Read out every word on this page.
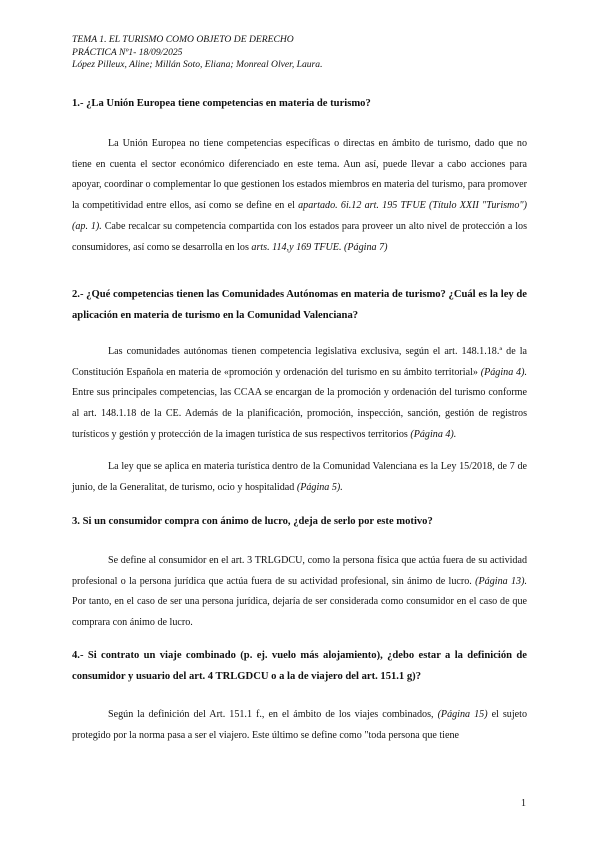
TEMA 1. EL TURISMO COMO OBJETO DE DERECHO
PRÁCTICA Nº1- 18/09/2025
López Pilleux, Aline; Millán Soto, Eliana; Monreal Olver, Laura.
1.- ¿La Unión Europea tiene competencias en materia de turismo?
La Unión Europea no tiene competencias específicas o directas en ámbito de turismo, dado que no tiene en cuenta el sector económico diferenciado en este tema. Aun así, puede llevar a cabo acciones para apoyar, coordinar o complementar lo que gestionen los estados miembros en materia del turismo, para promover la competitividad entre ellos, así como se define en el apartado. 6i.12 art. 195 TFUE (Título XXII "Turismo") (ap. 1). Cabe recalcar su competencia compartida con los estados para proveer un alto nivel de protección a los consumidores, así como se desarrolla en los arts. 114,y 169 TFUE. (Página 7)
2.- ¿Qué competencias tienen las Comunidades Autónomas en materia de turismo? ¿Cuál es la ley de aplicación en materia de turismo en la Comunidad Valenciana?
Las comunidades autónomas tienen competencia legislativa exclusiva, según el art. 148.1.18.ª de la Constitución Española en materia de «promoción y ordenación del turismo en su ámbito territorial» (Página 4). Entre sus principales competencias, las CCAA se encargan de la promoción y ordenación del turismo conforme al art. 148.1.18 de la CE. Además de la planificación, promoción, inspección, sanción, gestión de registros turísticos y gestión y protección de la imagen turística de sus respectivos territorios (Página 4).
La ley que se aplica en materia turística dentro de la Comunidad Valenciana es la Ley 15/2018, de 7 de junio, de la Generalitat, de turismo, ocio y hospitalidad (Página 5).
3. Si un consumidor compra con ánimo de lucro, ¿deja de serlo por este motivo?
Se define al consumidor en el art. 3 TRLGDCU, como la persona física que actúa fuera de su actividad profesional o la persona jurídica que actúa fuera de su actividad profesional, sin ánimo de lucro. (Página 13). Por tanto, en el caso de ser una persona jurídica, dejaría de ser considerada como consumidor en el caso de que comprara con ánimo de lucro.
4.- Si contrato un viaje combinado (p. ej. vuelo más alojamiento), ¿debo estar a la definición de consumidor y usuario del art. 4 TRLGDCU o a la de viajero del art. 151.1 g)?
Según la definición del Art. 151.1 f., en el ámbito de los viajes combinados, (Página 15) el sujeto protegido por la norma pasa a ser el viajero. Este último se define como "toda persona que tiene
1
